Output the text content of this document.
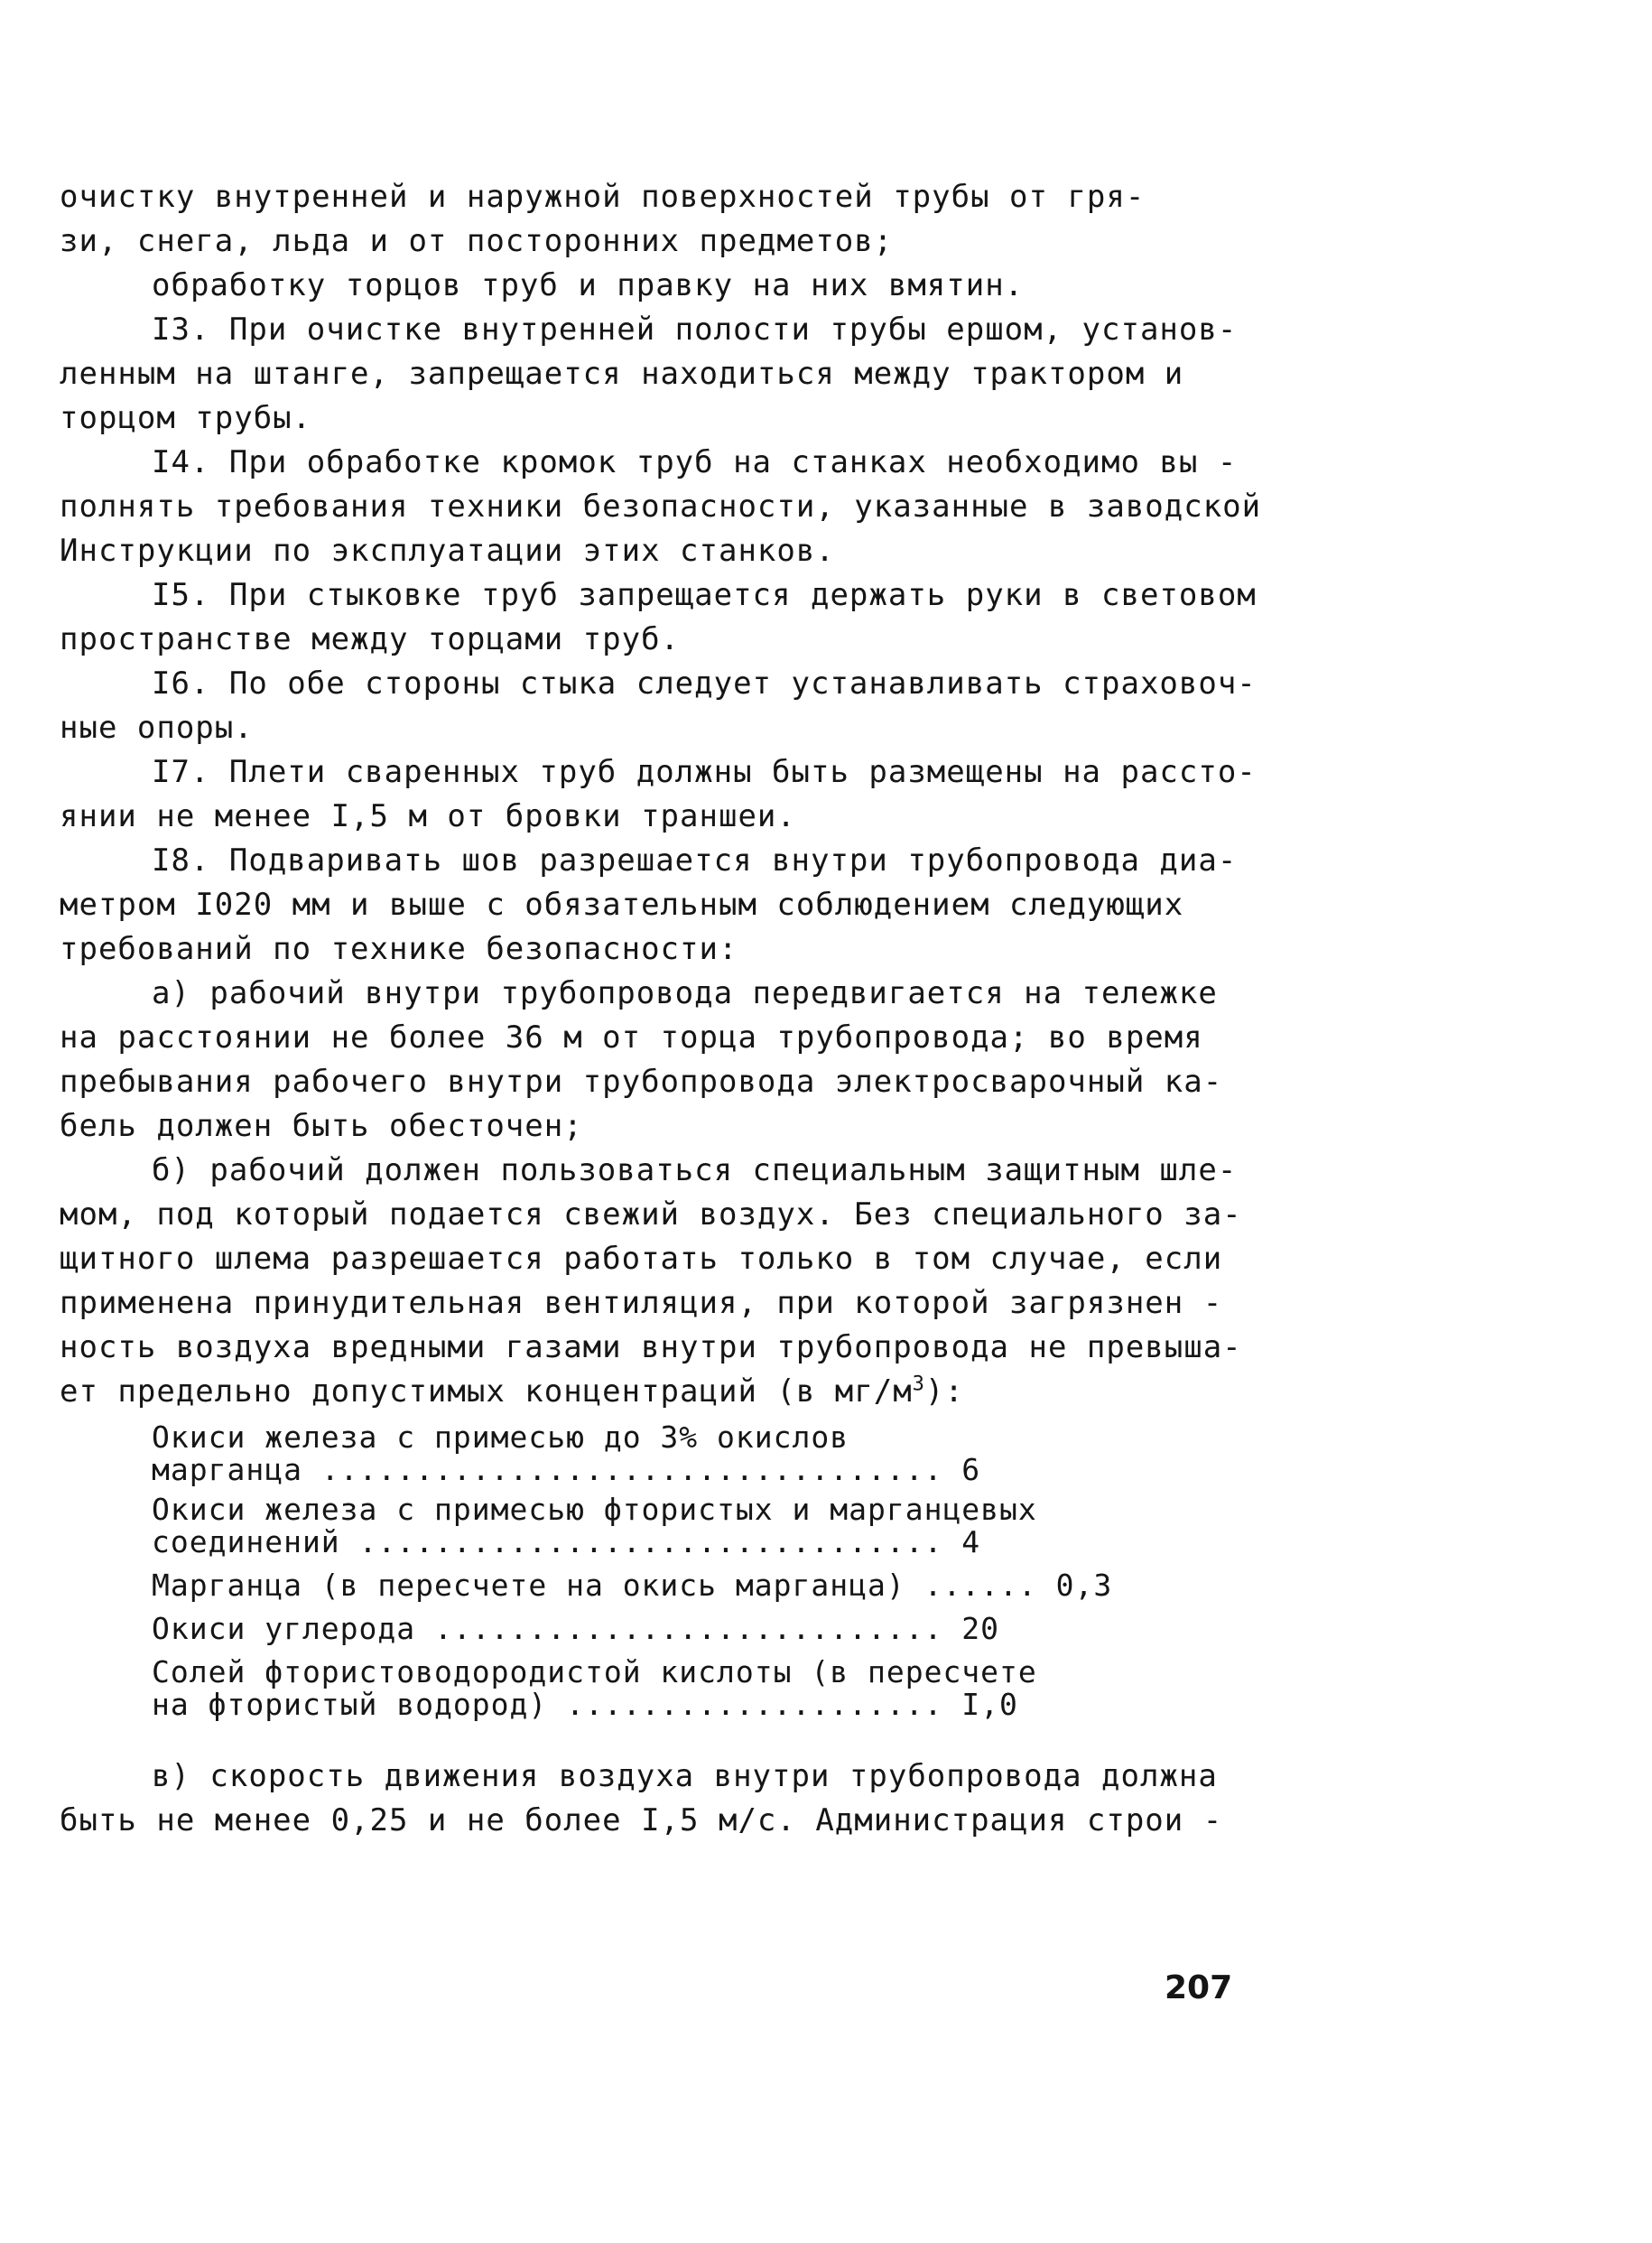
очистку внутренней и наружной поверхностей трубы от гря-
зи, снега, льда и от посторонних предметов;
обработку торцов труб и правку на них вмятин.
I3. При очистке внутренней полости трубы ершом, установ-
ленным на штанге, запрещается находиться между трактором и
торцом трубы.
I4. При обработке кромок труб на станках необходимо вы -
полнять требования техники безопасности, указанные в заводской
Инструкции по эксплуатации этих станков.
I5. При стыковке труб запрещается держать руки в световом
пространстве между торцами труб.
I6. По обе стороны стыка следует устанавливать страховоч-
ные опоры.
I7. Плети сваренных труб должны быть размещены на рассто-
янии не менее I,5 м от бровки траншеи.
I8. Подваривать шов разрешается внутри трубопровода диа-
метром I020 мм и выше с обязательным соблюдением следующих
требований по технике безопасности:
а) рабочий внутри трубопровода передвигается на тележке
на расстоянии не более 36 м от торца трубопровода; во время
пребывания рабочего внутри трубопровода электросварочный ка-
бель должен быть обесточен;
б) рабочий должен пользоваться специальным защитным шле-
мом, под который подается свежий воздух. Без специального за-
щитного шлема разрешается работать только в том случае, если
применена принудительная вентиляция, при которой загрязнен -
ность воздуха вредными газами внутри трубопровода не превыша-
ет предельно допустимых концентраций (в $мг/м^3$):
Окиси железа с примесью до 3% окислов
марганца ................................. 6
Окиси железа с примесью фтористых и марганцевых
соединений ............................... 4
Марганца (в пересчете на окись марганца) ...... 0,3
Окиси углерода ........................... 20
Солей фтористоводородистой кислоты (в пересчете
на фтористый водород) .................... I,0
в) скорость движения воздуха внутри трубопровода должна
быть не менее 0,25 и не более I,5 м/с. Администрация строи -
207
